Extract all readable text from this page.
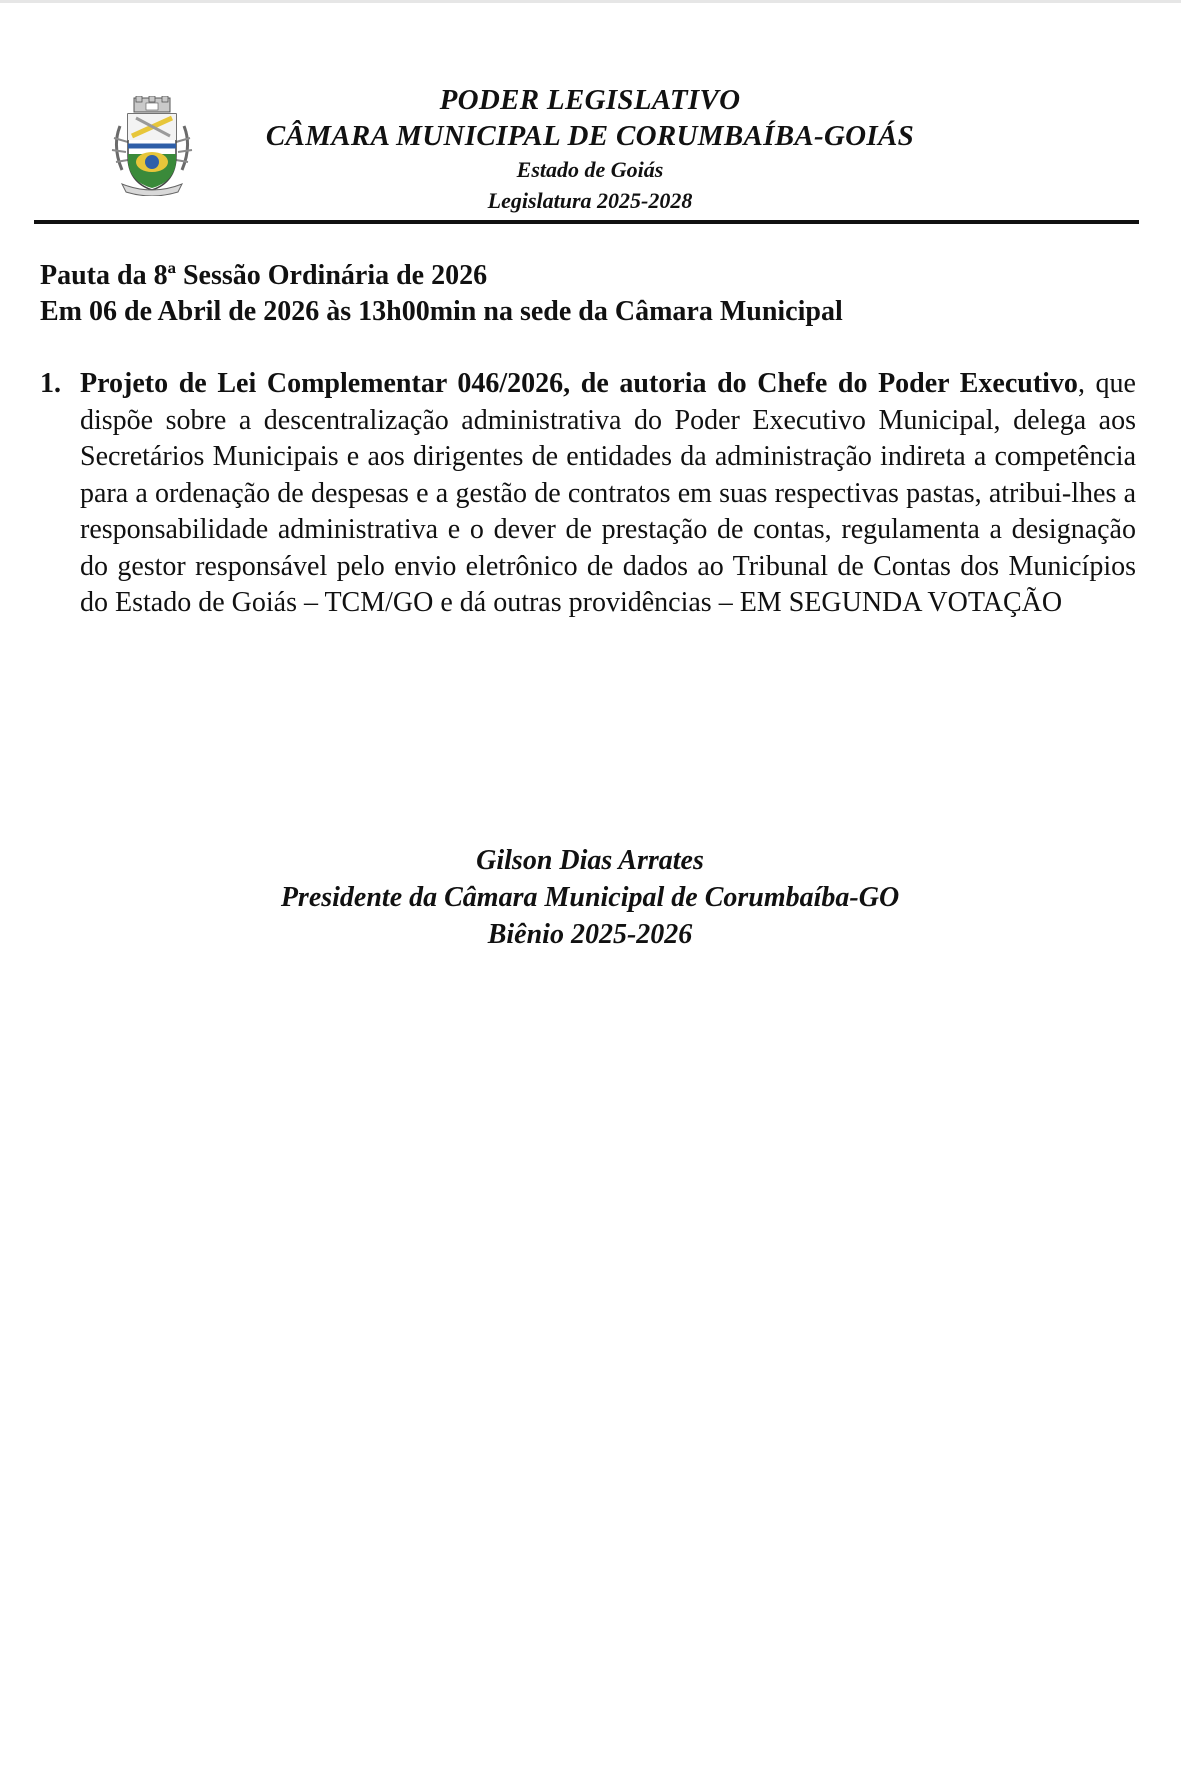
PODER LEGISLATIVO
CÂMARA MUNICIPAL DE CORUMBAÍBA-GOIÁS
Estado de Goiás
Legislatura 2025-2028
Pauta da 8ª Sessão Ordinária de 2026
Em 06 de Abril de 2026 às 13h00min na sede da Câmara Municipal
1. Projeto de Lei Complementar 046/2026, de autoria do Chefe do Poder Executivo, que dispõe sobre a descentralização administrativa do Poder Executivo Municipal, delega aos Secretários Municipais e aos dirigentes de entidades da administração indireta a competência para a ordenação de despesas e a gestão de contratos em suas respectivas pastas, atribui-lhes a responsabilidade administrativa e o dever de prestação de contas, regulamenta a designação do gestor responsável pelo envio eletrônico de dados ao Tribunal de Contas dos Municípios do Estado de Goiás – TCM/GO e dá outras providências – EM SEGUNDA VOTAÇÃO
Gilson Dias Arrates
Presidente da Câmara Municipal de Corumbaíba-GO
Biênio 2025-2026
